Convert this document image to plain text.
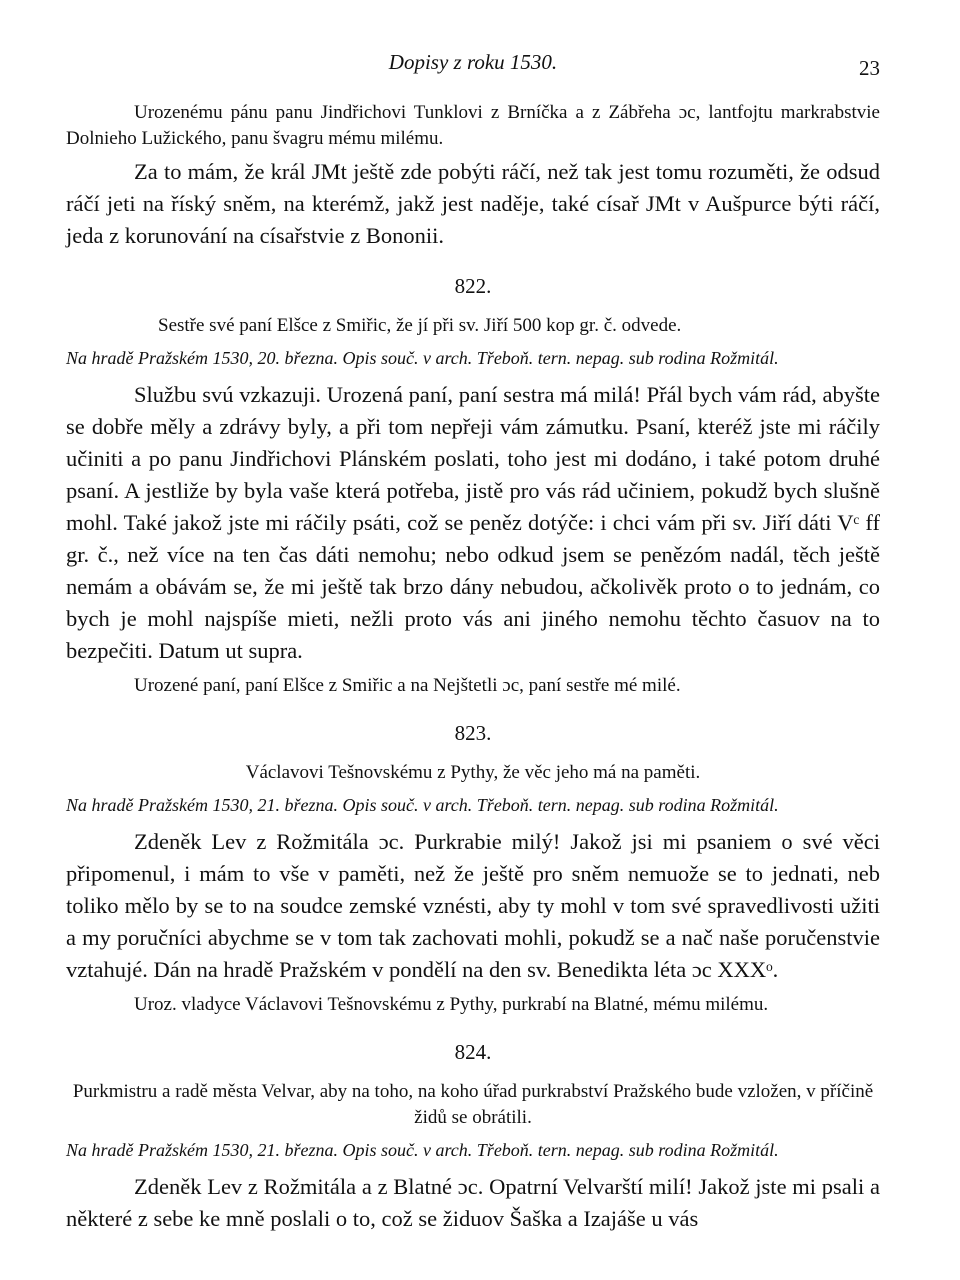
Dopisy z roku 1530.	23

Urozenému pánu panu Jindřichovi Tunklovi z Brníčka a z Zábřeha ɔc, lantfojtu markrabstvie Dolnieho Lužického, panu švagru mému milému.

Za to mám, že král JMt ještě zde pobýti ráčí, než tak jest tomu rozuměti, že odsud ráčí jeti na říský sněm, na kterémž, jakž jest naděje, také císař JMt v Aušpurce býti ráčí, jeda z korunování na císařstvie z Bononii.

822.

Sestře své paní Elšce z Smiřic, že jí při sv. Jiří 500 kop gr. č. odvede.

Na hradě Pražském 1530, 20. března. Opis souč. v arch. Třeboň. tern. nepag. sub rodina Rožmitál.

Službu svú vzkazuji. Urozená paní, paní sestra má milá! Přál bych vám rád, abyšte se dobře měly a zdrávy byly, a při tom nepřeji vám zámutku. Psaní, kteréž jste mi ráčily učiniti a po panu Jindřichovi Plánském poslati, toho jest mi dodáno, i také potom druhé psaní. A jestliže by byla vaše která potřeba, jistě pro vás rád učiniem, pokudž bych slušně mohl. Také jakož jste mi ráčily psáti, což se peněz dotýče: i chci vám při sv. Jiří dáti Vᶜ ff gr. č., než více na ten čas dáti nemohu; nebo odkud jsem se penězóm nadál, těch ještě nemám a obávám se, že mi ještě tak brzo dány nebudou, ačkolivěk proto o to jednám, co bych je mohl najspíše mieti, nežli proto vás ani jiného nemohu těchto časuov na to bezpečiti. Datum ut supra.

Urozené paní, paní Elšce z Smiřic a na Nejštetli ɔc, paní sestře mé milé.

823.

Václavovi Tešnovskému z Pythy, že věc jeho má na paměti.

Na hradě Pražském 1530, 21. března. Opis souč. v arch. Třeboň. tern. nepag. sub rodina Rožmitál.

Zdeněk Lev z Rožmitála ɔc. Purkrabie milý! Jakož jsi mi psaniem o své věci připomenul, i mám to vše v paměti, než že ještě pro sněm nemuože se to jednati, neb toliko mělo by se to na soudce zemské vznésti, aby ty mohl v tom své spravedlivosti užiti a my poručníci abychme se v tom tak zachovati mohli, pokudž se a nač naše poručenstvie vztahujé. Dán na hradě Pražském v pondělí na den sv. Benedikta léta ɔc XXXᵒ.

Uroz. vladyce Václavovi Tešnovskému z Pythy, purkrabí na Blatné, mému milému.

824.

Purkmistru a radě města Velvar, aby na toho, na koho úřad purkrabství Pražského bude vzložen, v příčině židů se obrátili.

Na hradě Pražském 1530, 21. března. Opis souč. v arch. Třeboň. tern. nepag. sub rodina Rožmitál.

Zdeněk Lev z Rožmitála a z Blatné ɔc. Opatrní Velvarští milí! Jakož jste mi psali a některé z sebe ke mně poslali o to, což se židuov Šaška a Izajáše u vás
